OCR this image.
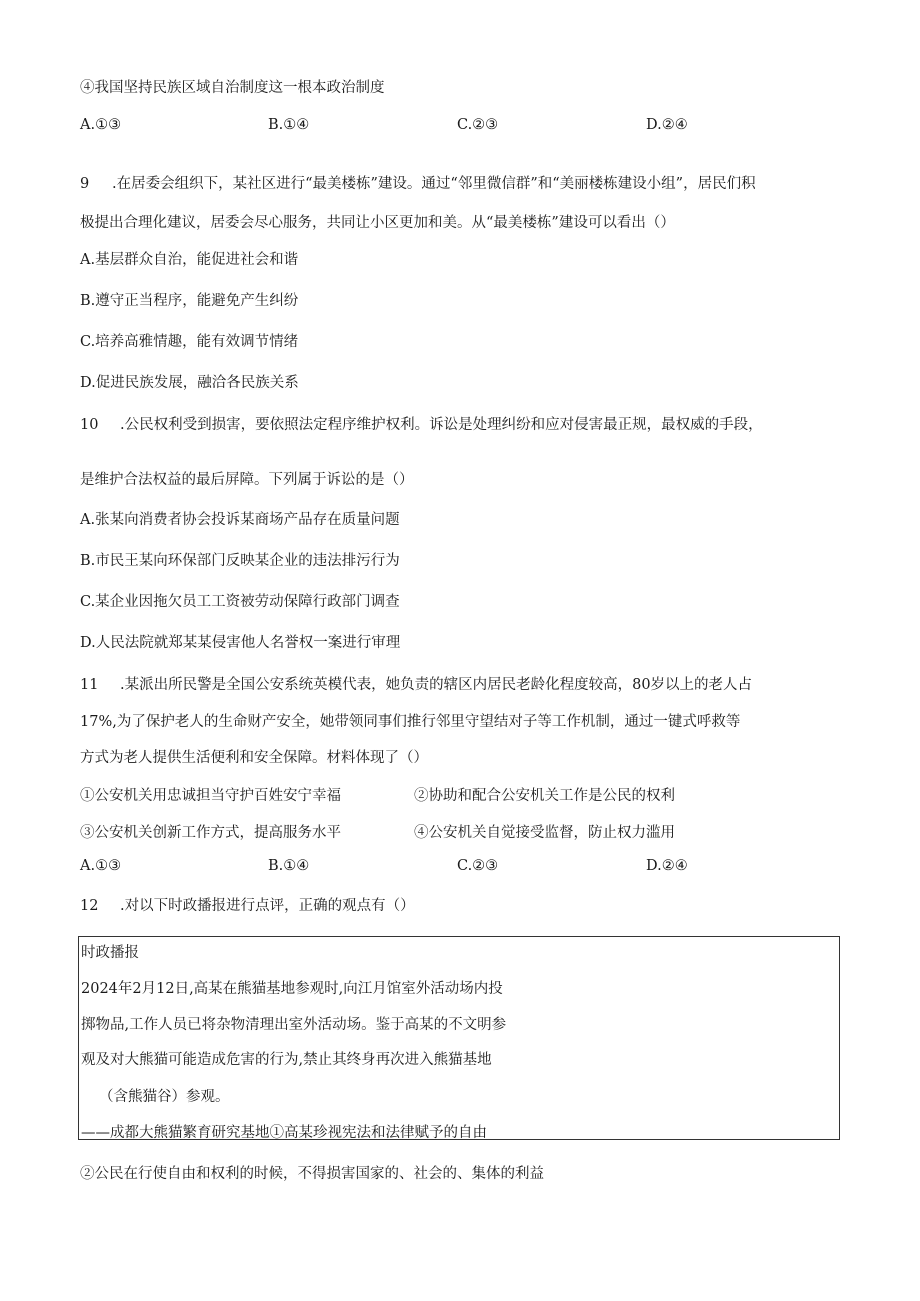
④我国坚持民族区域自治制度这一根本政治制度
A.①③	B.①④	C.②③	D.②④
9 .在居委会组织下，某社区进行“最美楼栋”建设。通过“邻里微信群”和“美丽楼栋建设小组”，居民们积
极提出合理化建议，居委会尽心服务，共同让小区更加和美。从“最美楼栋”建设可以看出（）
A.基层群众自治，能促进社会和谐
B.遵守正当程序，能避免产生纠纷
C.培养高雅情趣，能有效调节情绪
D.促进民族发展，融洽各民族关系
10 .公民权利受到损害，要依照法定程序维护权利。诉讼是处理纠纷和应对侵害最正规，最权威的手段，
是维护合法权益的最后屏障。下列属于诉讼的是（）
A.张某向消费者协会投诉某商场产品存在质量问题
B.市民王某向环保部门反映某企业的违法排污行为
C.某企业因拖欠员工工资被劳动保障行政部门调查
D.人民法院就郑某某侵害他人名誉权一案进行审理
11 .某派出所民警是全国公安系统英模代表，她负责的辖区内居民老龄化程度较高，80岁以上的老人占
17%,为了保护老人的生命财产安全，她带领同事们推行邻里守望结对子等工作机制，通过一键式呼救等
方式为老人提供生活便利和安全保障。材料体现了（）
①公安机关用忠诚担当守护百姓安宁幸福	②协助和配合公安机关工作是公民的权利
③公安机关创新工作方式，提高服务水平	④公安机关自觉接受监督，防止权力滥用
A.①③	B.①④	C.②③	D.②④
12 .对以下时政播报进行点评，正确的观点有（）
时政播报
2024年2月12日,高某在熊猫基地参观时,向江月馆室外活动场内投
掷物品,工作人员已将杂物清理出室外活动场。鉴于高某的不文明参
观及对大熊猫可能造成危害的行为,禁止其终身再次进入熊猫基地
（含熊猫谷）参观。
——成都大熊猫繁育研究基地①高某珍视宪法和法律赋予的自由
②公民在行使自由和权利的时候，不得损害国家的、社会的、集体的利益
